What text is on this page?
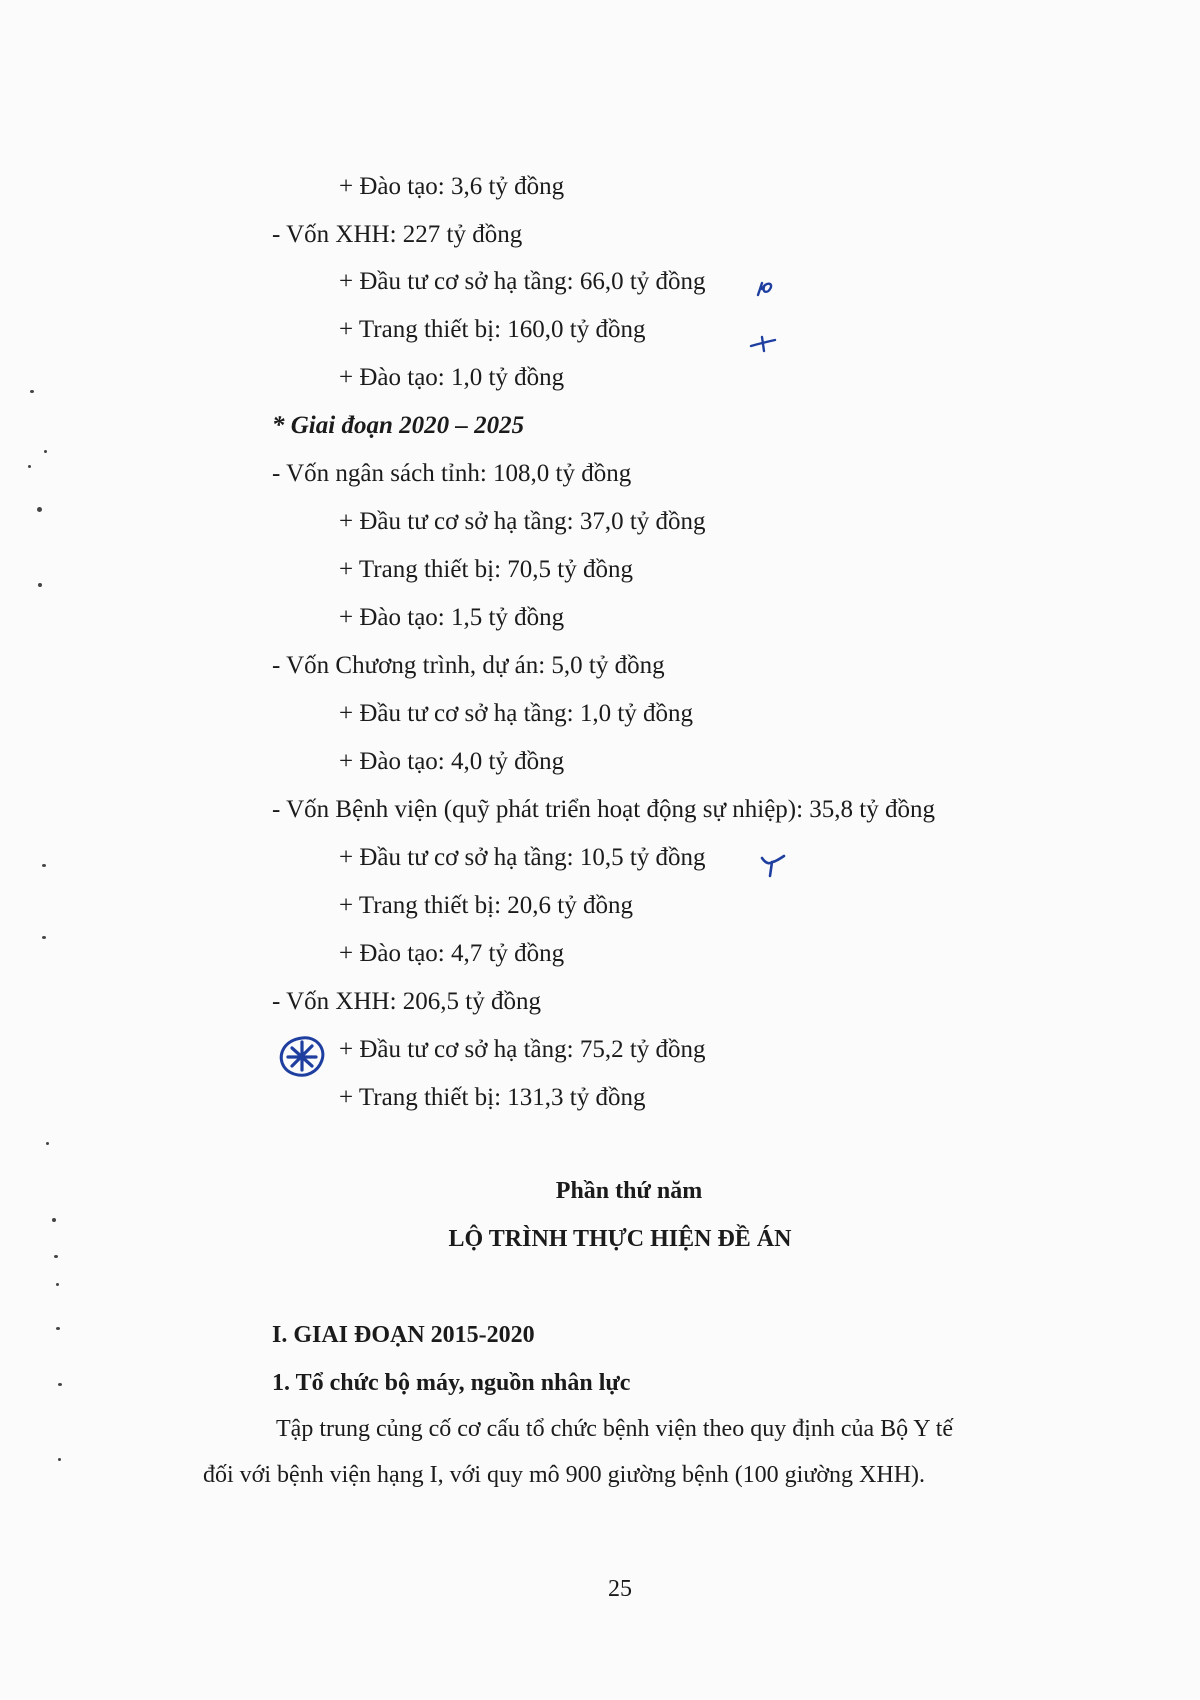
+ Đào tạo: 3,6 tỷ đồng
- Vốn XHH: 227 tỷ đồng
+ Đầu tư cơ sở hạ tầng: 66,0 tỷ đồng
+ Trang thiết bị: 160,0 tỷ đồng
+ Đào tạo: 1,0 tỷ đồng
* Giai đoạn 2020 – 2025
- Vốn ngân sách tỉnh: 108,0 tỷ đồng
+ Đầu tư cơ sở hạ tầng: 37,0 tỷ đồng
+ Trang thiết bị: 70,5 tỷ đồng
+ Đào tạo: 1,5 tỷ đồng
- Vốn Chương trình, dự án: 5,0 tỷ đồng
+ Đầu tư cơ sở hạ tầng: 1,0 tỷ đồng
+ Đào tạo: 4,0 tỷ đồng
- Vốn Bệnh viện (quỹ phát triển hoạt động sự nhiệp): 35,8 tỷ đồng
+ Đầu tư cơ sở hạ tầng: 10,5 tỷ đồng
+ Trang thiết bị: 20,6 tỷ đồng
+ Đào tạo: 4,7 tỷ đồng
- Vốn XHH: 206,5 tỷ đồng
+ Đầu tư cơ sở hạ tầng: 75,2 tỷ đồng
+ Trang thiết bị: 131,3 tỷ đồng
Phần thứ năm
LỘ TRÌNH THỰC HIỆN ĐỀ ÁN
I. GIAI ĐOẠN 2015-2020
1. Tổ chức bộ máy, nguồn nhân lực
Tập trung củng cố cơ cấu tổ chức bệnh viện theo quy định của Bộ Y tế
đối với bệnh viện hạng I, với quy mô 900 giường bệnh (100 giường XHH).
25
